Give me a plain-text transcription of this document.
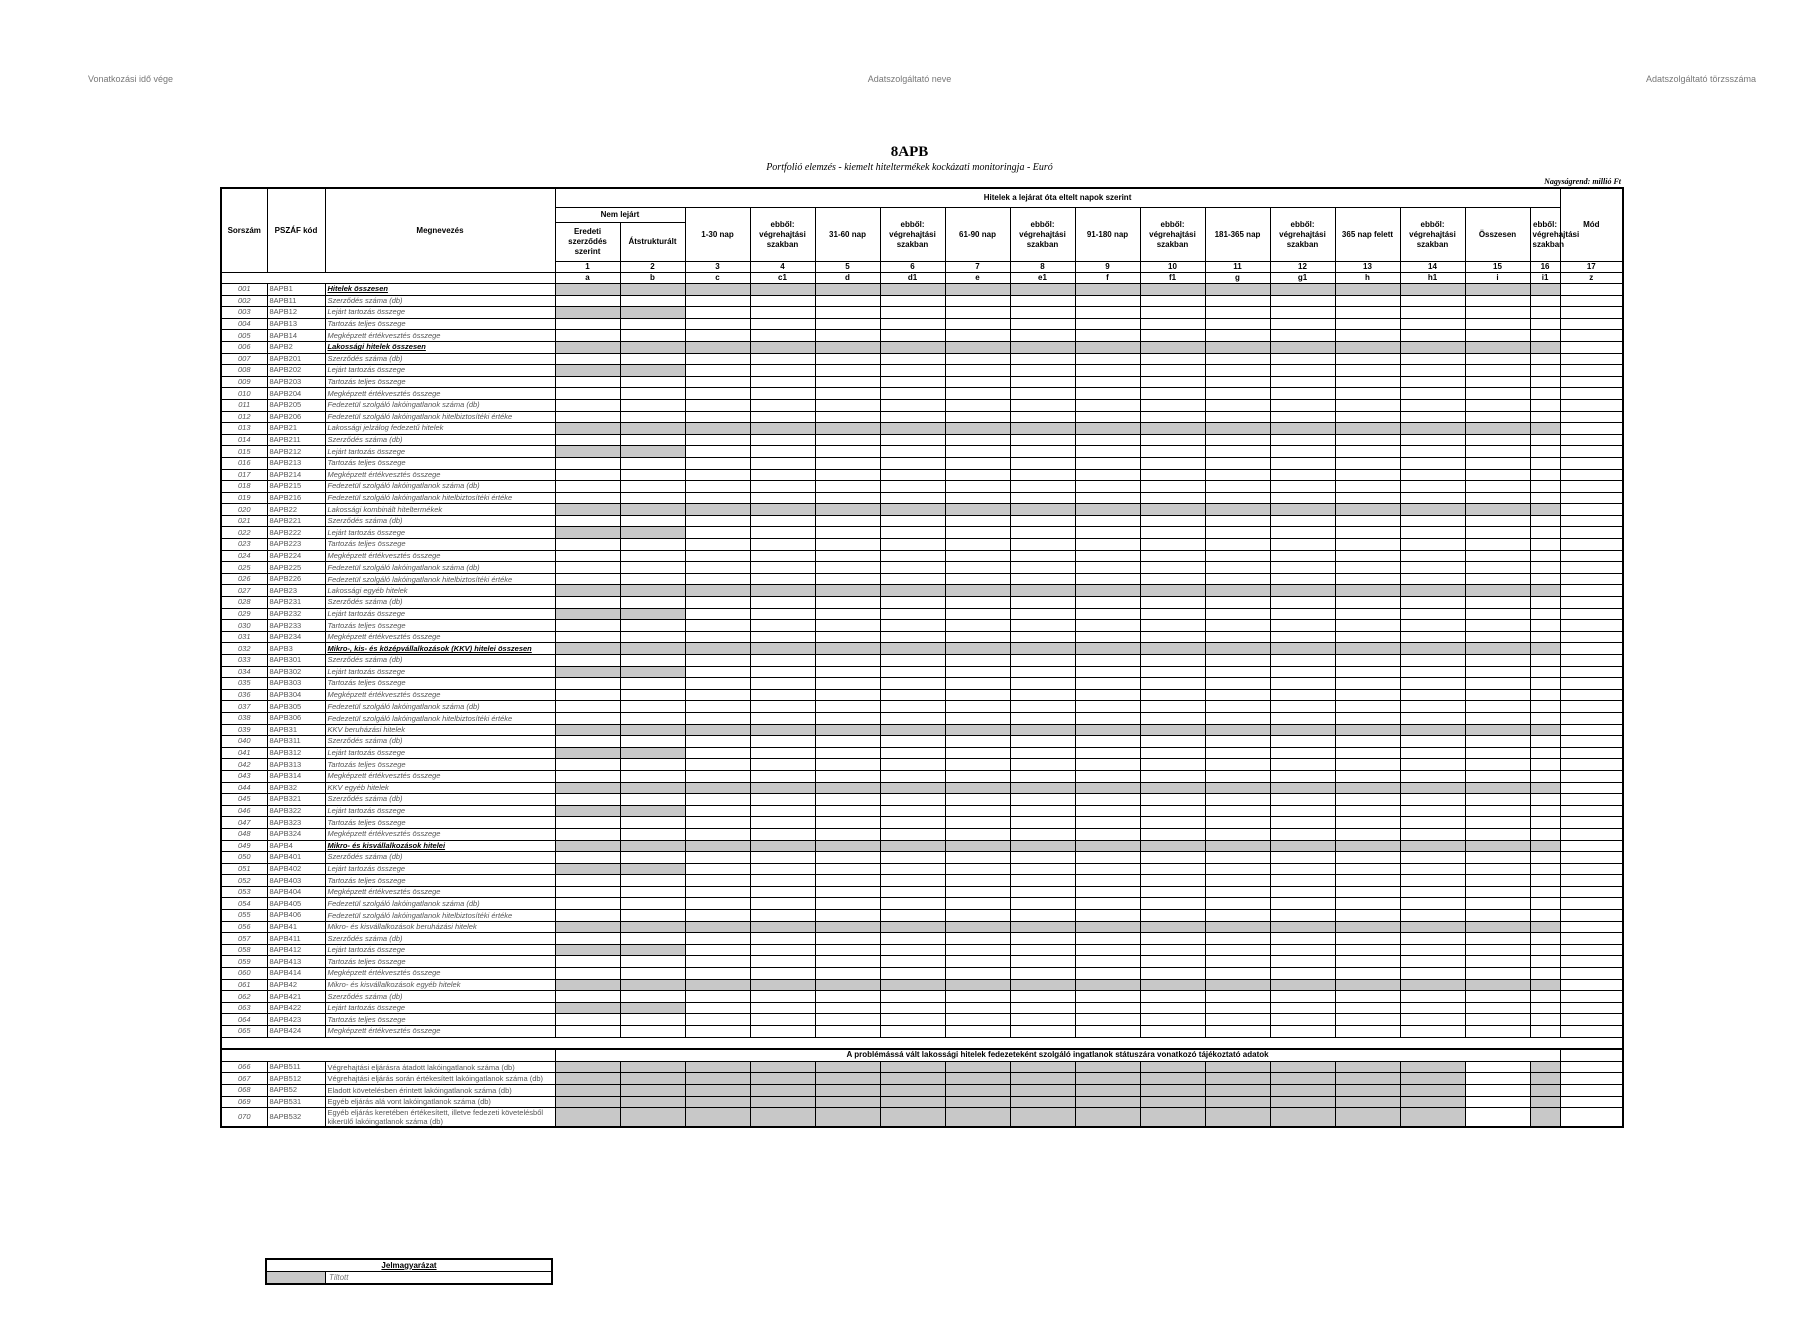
Vonatkozási idő vége	Adatszolgáltató neve	Adatszolgáltató törzsszáma
8APB
Portfolió elemzés - kiemelt hiteltermékek kockázati monitoringja - Euró
Nagyságrend: millió Ft
Sorszám	PSZÁF kód	Megnevezés	Hitelek a lejárat óta eltelt napok szerint																Mód
			Nem lejárt		1-30 nap	ebből: végrehajtási szakban	31-60 nap	ebből: végrehajtási szakban	61-90 nap	ebből: végrehajtási szakban	91-180 nap	ebből: végrehajtási szakban	181-365 nap	ebből: végrehajtási szakban	365 nap felett	ebből: végrehajtási szakban	Összesen	ebből: végrehajtási szakban	
			Eredeti szerződés szerint	Átstrukturált															
			1	2	3	4	5	6	7	8	9	10	11	12	13	14	15	16	17
			a	b	c	c1	d	d1	e	e1	f	f1	g	g1	h	h1	i	i1	z
001	8APB1	Hitelek összesen																	
002	8APB11	Szerződés száma (db)																	
003	8APB12	Lejárt tartozás összege																	
004	8APB13	Tartozás teljes összege																	
005	8APB14	Megképzett értékvesztés összege																	
006	8APB2	Lakossági hitelek összesen																	
007	8APB201	Szerződés száma (db)																	
008	8APB202	Lejárt tartozás összege																	
009	8APB203	Tartozás teljes összege																	
010	8APB204	Megképzett értékvesztés összege																	
011	8APB205	Fedezetül szolgáló lakóingatlanok száma (db)																	
012	8APB206	Fedezetül szolgáló lakóingatlanok hitelbiztosítéki értéke																	
013	8APB21	Lakossági jelzálog fedezetű hitelek																	
014	8APB211	Szerződés száma (db)																	
015	8APB212	Lejárt tartozás összege																	
016	8APB213	Tartozás teljes összege																	
017	8APB214	Megképzett értékvesztés összege																	
018	8APB215	Fedezetül szolgáló lakóingatlanok száma (db)																	
019	8APB216	Fedezetül szolgáló lakóingatlanok hitelbiztosítéki értéke																	
020	8APB22	Lakossági kombinált hiteltermékek																	
021	8APB221	Szerződés száma (db)																	
022	8APB222	Lejárt tartozás összege																	
023	8APB223	Tartozás teljes összege																	
024	8APB224	Megképzett értékvesztés összege																	
025	8APB225	Fedezetül szolgáló lakóingatlanok száma (db)																	
026	8APB226	Fedezetül szolgáló lakóingatlanok hitelbiztosítéki értéke																	
027	8APB23	Lakossági egyéb hitelek																	
028	8APB231	Szerződés száma (db)																	
029	8APB232	Lejárt tartozás összege																	
030	8APB233	Tartozás teljes összege																	
031	8APB234	Megképzett értékvesztés összege																	
032	8APB3	Mikro-, kis- és középvállalkozások (KKV) hitelei összesen																	
033	8APB301	Szerződés száma (db)																	
034	8APB302	Lejárt tartozás összege																	
035	8APB303	Tartozás teljes összege																	
036	8APB304	Megképzett értékvesztés összege																	
037	8APB305	Fedezetül szolgáló lakóingatlanok száma (db)																	
038	8APB306	Fedezetül szolgáló lakóingatlanok hitelbiztosítéki értéke																	
039	8APB31	KKV beruházási hitelek																	
040	8APB311	Szerződés száma (db)																	
041	8APB312	Lejárt tartozás összege																	
042	8APB313	Tartozás teljes összege																	
043	8APB314	Megképzett értékvesztés összege																	
044	8APB32	KKV egyéb hitelek																	
045	8APB321	Szerződés száma (db)																	
046	8APB322	Lejárt tartozás összege																	
047	8APB323	Tartozás teljes összege																	
048	8APB324	Megképzett értékvesztés összege																	
049	8APB4	Mikro- és kisvállalkozások hitelei																	
050	8APB401	Szerződés száma (db)																	
051	8APB402	Lejárt tartozás összege																	
052	8APB403	Tartozás teljes összege																	
053	8APB404	Megképzett értékvesztés összege																	
054	8APB405	Fedezetül szolgáló lakóingatlanok száma (db)																	
055	8APB406	Fedezetül szolgáló lakóingatlanok hitelbiztosítéki értéke																	
056	8APB41	Mikro- és kisvállalkozások beruházási hitelek																	
057	8APB411	Szerződés száma (db)																	
058	8APB412	Lejárt tartozás összege																	
059	8APB413	Tartozás teljes összege																	
060	8APB414	Megképzett értékvesztés összege																	
061	8APB42	Mikro- és kisvállalkozások egyéb hitelek																	
062	8APB421	Szerződés száma (db)																	
063	8APB422	Lejárt tartozás összege																	
064	8APB423	Tartozás teljes összege																	
065	8APB424	Megképzett értékvesztés összege																	

			A problémássá vált lakossági hitelek fedezeteként szolgáló ingatlanok státuszára vonatkozó tájékoztató adatok																
066	8APB511	Végrehajtási eljárásra átadott lakóingatlanok száma (db)																	
067	8APB512	Végrehajtási eljárás során értékesített lakóingatlanok száma (db)																	
068	8APB52	Eladott követelésben érintett lakóingatlanok száma (db)																	
069	8APB531	Egyéb eljárás alá vont lakóingatlanok száma (db)																	
070	8APB532	Egyéb eljárás keretében értékesített, illetve fedezeti követelésből kikerülő lakóingatlanok száma (db)																	
Jelmagyarázat
	Tiltott
